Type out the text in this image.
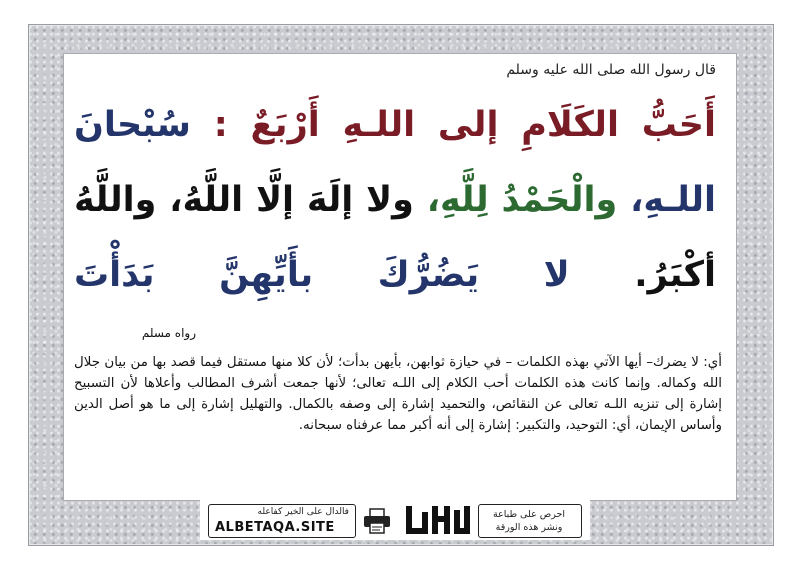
قال رسول الله صلى الله عليه وسلم
أَحَبُّ الكَلَامِ إلى اللـهِ أَرْبَعٌ : سُبْحانَ اللـهِ، والْحَمْدُ لِلَّهِ، ولا إلَهَ إلَّا اللَّهُ، واللَّهُ أكْبَرُ. لا يَضُرُّكَ بأَيِّهِنَّ بَدَأْتَ
رواه مسلم
أي: لا يضرك– أيها الآتي بهذه الكلمات – في حيازة ثوابهن، بأيهن بدأت؛ لأن كلا منها مستقل فيما قصد بها من بيان جلال الله وكماله. وإنما كانت هذه الكلمات أحب الكلام إلى اللـه تعالى؛ لأنها جمعت أشرف المطالب وأعلاها لأن التسبيح إشارة إلى تنزيه اللـه تعالى عن النقائص، والتحميد إشارة إلى وصفه بالكمال. والتهليل إشارة إلى ما هو أصل الدين وأساس الإيمان، أي: التوحيد، والتكبير: إشارة إلى أنه أكبر مما عرفناه سبحانه.
فالدال على الخير كفاعله
ALBETAQA.SITE
احرص على طباعة ونشر هذه الورقة
